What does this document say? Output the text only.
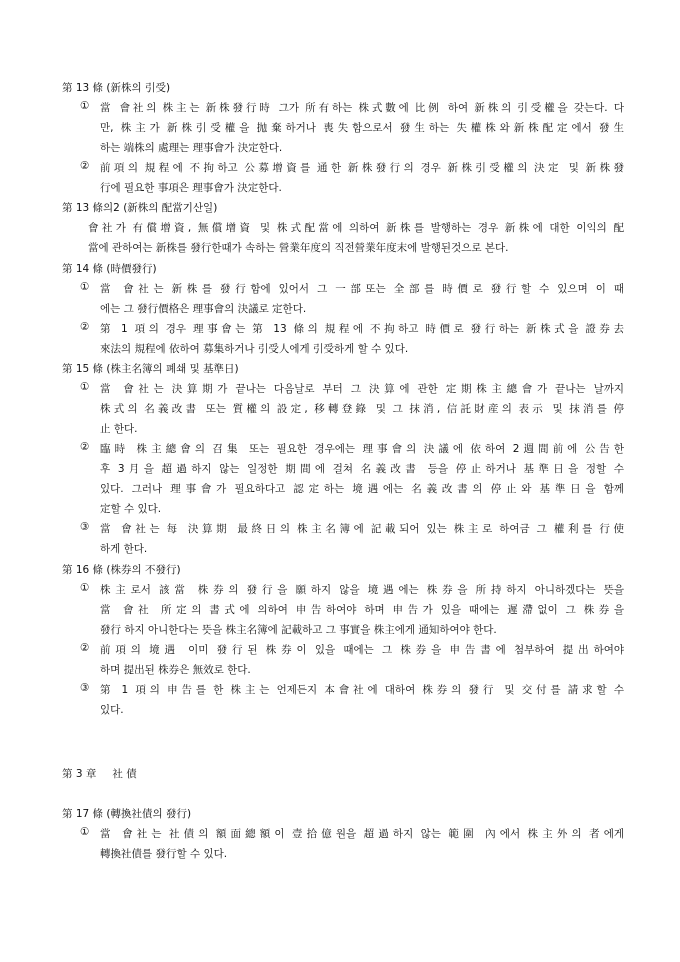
第 13 條 (新株의 引受)
① 當 會社의 株主는 新株發行時 그가 所有하는 株式數에 比例 하여 新株의 引受權을 갖는다. 다
만, 株主가 新株引受權을 抛棄하거나 喪失함으로서 發生하는 失權株와新株配定에서 發生
하는 端株의 處理는 理事會가 決定한다.
② 前項의 規程에 不拘하고 公募增資를 通한 新株發行의 경우 新株引受權의 決定 및 新株發
行에 필요한 事項은 理事會가 決定한다.
第 13 條의2 (新株의 配當기산일)
會社가 有償增資, 無償增資 및 株式配當에 의하여 新株를 발행하는 경우 新株에 대한 이익의 配
當에 관하여는 新株를 發行한때가 속하는 營業年度의 직전營業年度末에 발행된것으로 본다.
第 14 條 (時價發行)
① 當 會社는 新株를 發行함에 있어서 그 一部또는 全部를 時價로 發行할 수 있으며 이 때
에는 그 發行價格은 理事會의 決議로 定한다.
② 第 1 項의 경우 理事會는 第 13 條의 規程에 不拘하고 時價로 發行하는 新株式을 證券去
來法의 規程에 依하여 募集하거나 引受人에게 引受하게 할 수 있다.
第 15 條 (株主名簿의 폐쇄 및 基準日)
① 當 會社는 決算期가 끝나는 다음날로 부터 그 決算에 관한 定期株主總會가 끝나는 날까지
株式의 名義改書 또는 質權의 設定, 移轉登錄 및 그 抹消, 信託財産의 表示 및 抹消를 停
止 한다.
② 臨時 株主總會의 召集 또는 필요한 경우에는 理事會의 決議에 依하여 2週間前에 公告한
후 3月을 超過하지 않는 일정한 期間에 걸쳐 名義改書 등을 停止하거나 基準日을 정할 수
있다. 그러나 理事會가 필요하다고 認定하는 境遇에는 名義改書의 停止와 基準日을 함께
定할 수 있다.
③ 當 會社는 每 決算期 最終日의 株主名簿에 記載되어 있는 株主로 하여금 그 權利를 行使
하게 한다.
第 16 條 (株券의 不發行)
① 株主로서 該當 株券의 發行을 願하지 않을 境遇에는 株券을 所持하지 아니하겠다는 뜻을
當 會社 所定의 書式에 의하여 申告하여야 하며 申告가 있을 때에는 遲滯없이 그 株券을
發行 하지 아니한다는 뜻을 株主名簿에 記載하고 그 事實을 株主에게 通知하여야 한다.
② 前項의 境遇 이미 發行된 株券이 있을 때에는 그 株券을 申告書에 첨부하여 提出하여야
하며 提出된 株券은 無效로 한다.
③ 第 1 項의 申告를 한 株主는 언제든지 本會社에 대하여 株券의 發行 및 交付를 請求할 수
있다.
第 3 章 社 債
第 17 條 (轉換社債의 發行)
① 當 會社는 社債의 額面總額이 壹拾億원을 超過하지 않는 範圍 內에서 株主外의 者에게
轉換社債를 發行할 수 있다.
